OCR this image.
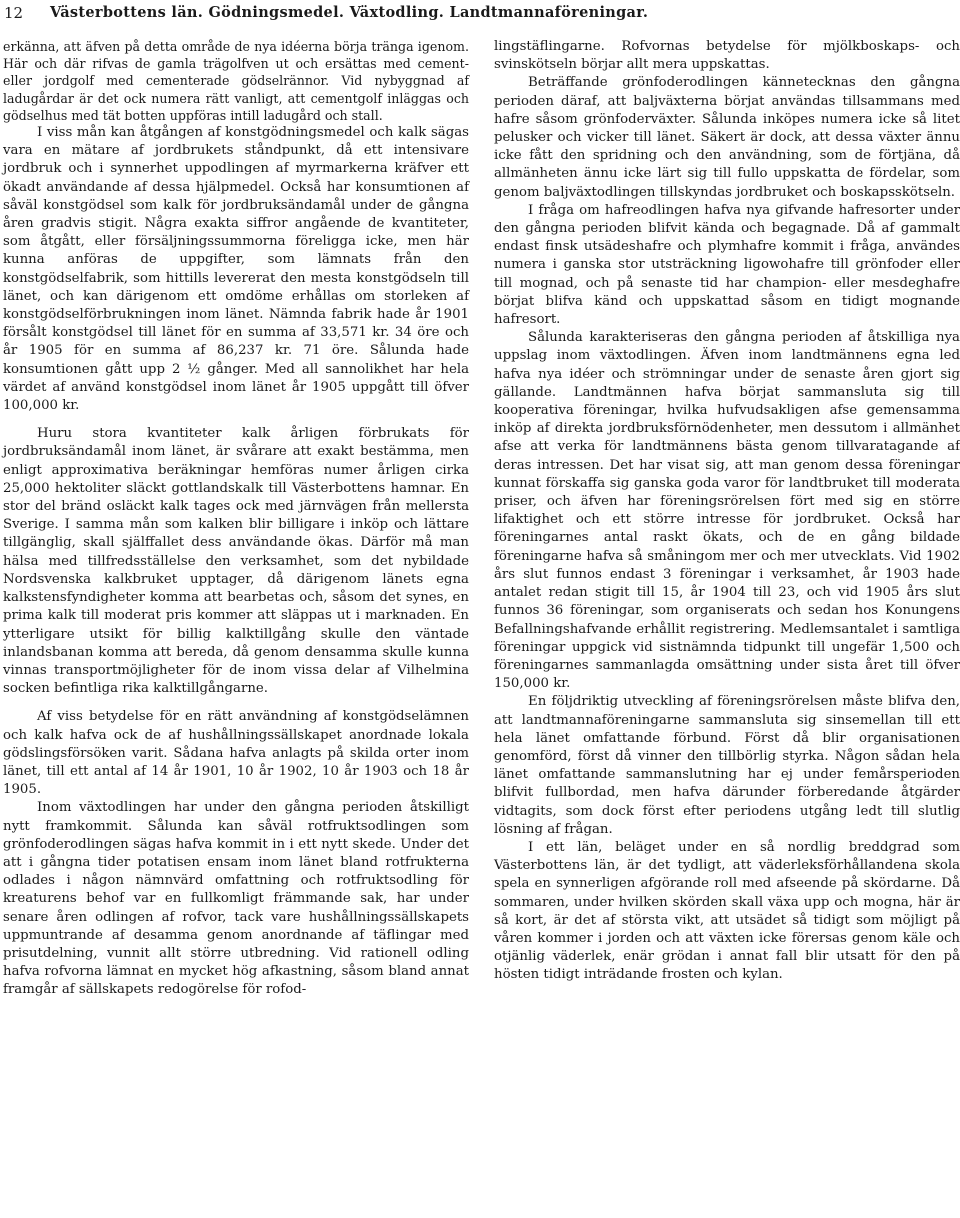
12 Västerbottens län. Gödningsmedel. Växtodling. Landtmannaföreningar.

erkänna, att äfven på detta område de nya idéerna börja tränga igenom. Här och där rifvas de gamla trägolfven ut och ersättas med cement- eller jordgolf med cementerade gödselrännor. Vid nybyggnad af ladugårdar är det ock numera rätt vanligt, att cementgolf inläggas och gödselhus med tät botten uppföras intill ladugård och stall.

I viss mån kan åtgången af konstgödningsmedel och kalk sägas vara en mätare af jordbrukets ståndpunkt, då ett intensivare jordbruk och i synnerhet uppodlingen af myrmarkerna kräfver ett ökadt användande af dessa hjälpmedel. Också har konsumtionen af såväl konstgödsel som kalk för jordbruksändamål under de gångna åren gradvis stigit. Några exakta siffror angående de kvantiteter, som åtgått, eller försäljningssummorna föreligga icke, men här kunna anföras de uppgifter, som lämnats från den konstgödselfabrik, som hittills levererat den mesta konstgödseln till länet, och kan därigenom ett omdöme erhållas om storleken af konstgödselförbrukningen inom länet. Nämnda fabrik hade år 1901 försålt konstgödsel till länet för en summa af 33,571 kr. 34 öre och år 1905 för en summa af 86,237 kr. 71 öre. Sålunda hade konsumtionen gått upp 2 ½ gånger. Med all sannolikhet har hela värdet af använd konstgödsel inom länet år 1905 uppgått till öfver 100,000 kr.

Huru stora kvantiteter kalk årligen förbrukats för jordbruksändamål inom länet, är svårare att exakt bestämma, men enligt approximativa beräkningar hemföras numer årligen cirka 25,000 hektoliter släckt gottlandskalk till Västerbottens hamnar. En stor del bränd osläckt kalk tages ock med järnvägen från mellersta Sverige. I samma mån som kalken blir billigare i inköp och lättare tillgänglig, skall själffallet dess användande ökas. Därför må man hälsa med tillfredsställelse den verksamhet, som det nybildade Nordsvenska kalkbruket upptager, då därigenom länets egna kalkstensfyndigheter komma att bearbetas och, såsom det synes, en prima kalk till moderat pris kommer att släppas ut i marknaden. En ytterligare utsikt för billig kalktillgång skulle den väntade inlandsbanan komma att bereda, då genom densamma skulle kunna vinnas transportmöjligheter för de inom vissa delar af Vilhelmina socken befintliga rika kalktillgångarne.

Af viss betydelse för en rätt användning af konstgödselämnen och kalk hafva ock de af hushållningssällskapet anordnade lokala gödslingsförsöken varit. Sådana hafva anlagts på skilda orter inom länet, till ett antal af 14 år 1901, 10 år 1902, 10 år 1903 och 18 år 1905.

Inom växtodlingen har under den gångna perioden åtskilligt nytt framkommit. Sålunda kan såväl rotfruktsodlingen som grönfoderodlingen sägas hafva kommit in i ett nytt skede. Under det att i gångna tider potatisen ensam inom länet bland rotfrukterna odlades i någon nämnvärd omfattning och rotfruktsodling för kreaturens behof var en fullkomligt främmande sak, har under senare åren odlingen af rofvor, tack vare hushållningssällskapets uppmuntrande af desamma genom anordnande af täflingar med prisutdelning, vunnit allt större utbredning. Vid rationell odling hafva rofvorna lämnat en mycket hög afkastning, såsom bland annat framgår af sällskapets redogörelse för rofod-

lingstäflingarne. Rofvornas betydelse för mjölkboskaps- och svinskötseln börjar allt mera uppskattas.

Beträffande grönfoderodlingen kännetecknas den gångna perioden däraf, att baljväxterna börjat användas tillsammans med hafre såsom grönfoderväxter. Sålunda inköpes numera icke så litet pelusker och vicker till länet. Säkert är dock, att dessa växter ännu icke fått den spridning och den användning, som de förtjäna, då allmänheten ännu icke lärt sig till fullo uppskatta de fördelar, som genom baljväxtodlingen tillskyndas jordbruket och boskapsskötseln.

I fråga om hafreodlingen hafva nya gifvande hafresorter under den gångna perioden blifvit kända och begagnade. Då af gammalt endast finsk utsädeshafre och plymhafre kommit i fråga, användes numera i ganska stor utsträckning ligowohafre till grönfoder eller till mognad, och på senaste tid har champion- eller mesdeghafre börjat blifva känd och uppskattad såsom en tidigt mognande hafresort.

Sålunda karakteriseras den gångna perioden af åtskilliga nya uppslag inom växtodlingen. Äfven inom landtmännens egna led hafva nya idéer och strömningar under de senaste åren gjort sig gällande. Landtmännen hafva börjat sammansluta sig till kooperativa föreningar, hvilka hufvudsakligen afse gemensamma inköp af direkta jordbruksförnödenheter, men dessutom i allmänhet afse att verka för landtmännens bästa genom tillvaratagande af deras intressen. Det har visat sig, att man genom dessa föreningar kunnat förskaffa sig ganska goda varor för landtbruket till moderata priser, och äfven har föreningsrörelsen fört med sig en större lifaktighet och ett större intresse för jordbruket. Också har föreningarnes antal raskt ökats, och de en gång bildade föreningarne hafva så småningom mer och mer utvecklats. Vid 1902 års slut funnos endast 3 föreningar i verksamhet, år 1903 hade antalet redan stigit till 15, år 1904 till 23, och vid 1905 års slut funnos 36 föreningar, som organiserats och sedan hos Konungens Befallningshafvande erhållit registrering. Medlemsantalet i samtliga föreningar uppgick vid sistnämnda tidpunkt till ungefär 1,500 och föreningarnes sammanlagda omsättning under sista året till öfver 150,000 kr.

En följdriktig utveckling af föreningsrörelsen måste blifva den, att landtmannaföreningarne sammansluta sig sinsemellan till ett hela länet omfattande förbund. Först då blir organisationen genomförd, först då vinner den tillbörlig styrka. Någon sådan hela länet omfattande sammanslutning har ej under femårsperioden blifvit fullbordad, men hafva därunder förberedande åtgärder vidtagits, som dock först efter periodens utgång ledt till slutlig lösning af frågan.

I ett län, beläget under en så nordlig breddgrad som Västerbottens län, är det tydligt, att väderleksförhållandena skola spela en synnerligen afgörande roll med afseende på skördarne. Då sommaren, under hvilken skörden skall växa upp och mogna, här är så kort, är det af största vikt, att utsädet så tidigt som möjligt på våren kommer i jorden och att växten icke förersas genom käle och otjänlig väderlek, enär grödan i annat fall blir utsatt för den på hösten tidigt inträdande frosten och kylan.
